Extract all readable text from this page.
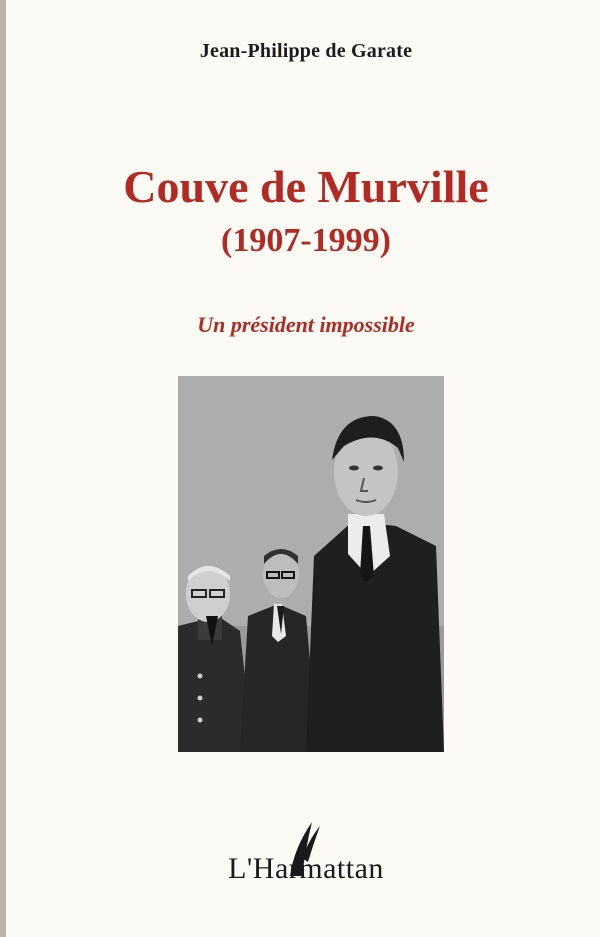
Jean-Philippe de Garate
Couve de Murville
(1907-1999)
Un président impossible
L'Harmattan
